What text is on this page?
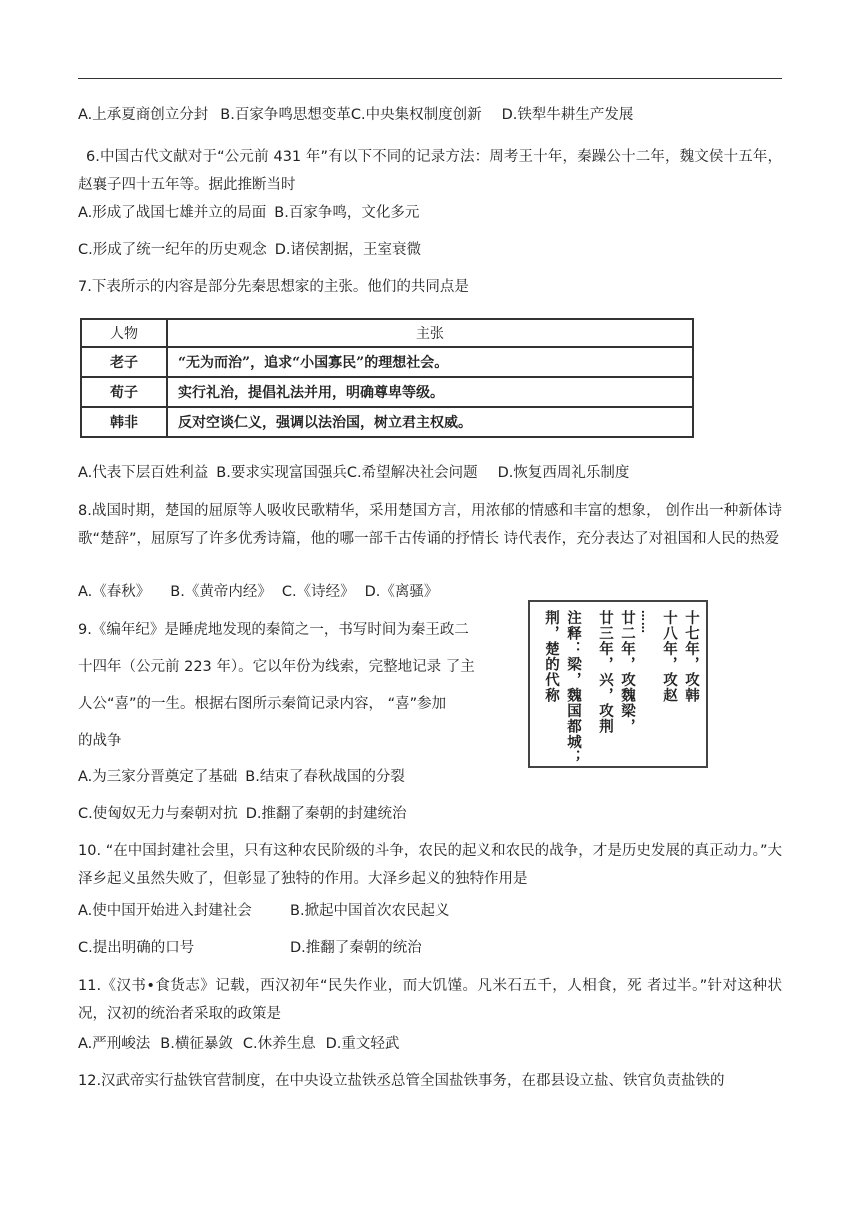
A.上承夏商创立分封 B.百家争鸣思想变革C.中央集权制度创新 D.铁犁牛耕生产发展
6.中国古代文献对于“公元前 431 年”有以下不同的记录方法：周考王十年，秦躁公十二年，魏文侯十五年，赵襄子四十五年等。据此推断当时
A.形成了战国七雄并立的局面 B.百家争鸣，文化多元
C.形成了统一纪年的历史观念 D.诸侯割据，王室衰微
7.下表所示的内容是部分先秦思想家的主张。他们的共同点是
人物	主张
老子	“无为而治”，追求“小国寡民”的理想社会。
荀子	实行礼治，提倡礼法并用，明确尊卑等级。
韩非	反对空谈仁义，强调以法治国，树立君主权威。
A.代表下层百姓利益 B.要求实现富国强兵C.希望解决社会问题 D.恢复西周礼乐制度
8.战国时期，楚国的屈原等人吸收民歌精华，采用楚国方言，用浓郁的情感和丰富的想象， 创作出一种新体诗歌“楚辞”，屈原写了许多优秀诗篇，他的哪一部千古传诵的抒情长 诗代表作，充分表达了对祖国和人民的热爱
A.《春秋》 B.《黄帝内经》 C.《诗经》 D.《离骚》
9.《编年纪》是睡虎地发现的秦简之一，书写时间为秦王政二
十四年（公元前 223 年）。它以年份为线索，完整地记录 了主
人公“喜”的一生。根据右图所示秦简记录内容， “喜”参加
的战争
十七年，攻韩
十八年，攻赵
……
廿二年，攻魏梁，
廿三年，兴，攻荆
注释：梁，魏国都城；
荆，楚的代称
A.为三家分晋奠定了基础 B.结束了春秋战国的分裂
C.使匈奴无力与秦朝对抗 D.推翻了秦朝的封建统治
10. “在中国封建社会里，只有这种农民阶级的斗争，农民的起义和农民的战争，才是历史发展的真正动力。”大泽乡起义虽然失败了，但彰显了独特的作用。大泽乡起义的独特作用是
A.使中国开始进入封建社会	B.掀起中国首次农民起义
C.提出明确的口号	D.推翻了秦朝的统治
11.《汉书•食货志》记载，西汉初年“民失作业，而大饥馑。凡米石五千，人相食，死 者过半。”针对这种状况，汉初的统治者采取的政策是
A.严刑峻法 B.横征暴敛 C.休养生息 D.重文轻武
12.汉武帝实行盐铁官营制度，在中央设立盐铁丞总管全国盐铁事务，在郡县设立盐、铁官负责盐铁的
